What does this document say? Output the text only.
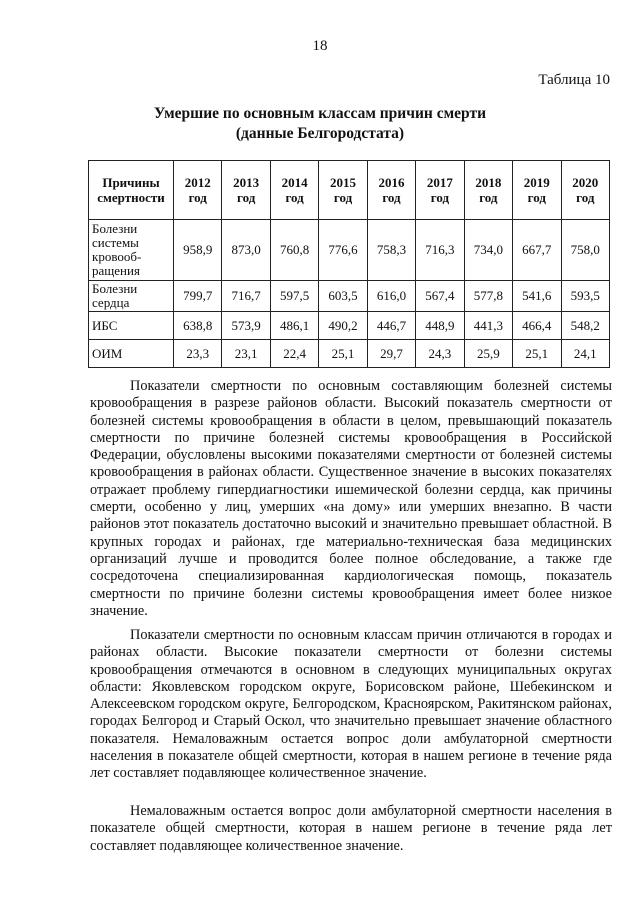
18
Таблица 10
Умершие по основным классам причин смерти
(данные Белгородстата)
Причины смертности	2012 год	2013 год	2014 год	2015 год	2016 год	2017 год	2018 год	2019 год	2020 год
Болезни системы кровооб-ращения	958,9	873,0	760,8	776,6	758,3	716,3	734,0	667,7	758,0
Болезни сердца	799,7	716,7	597,5	603,5	616,0	567,4	577,8	541,6	593,5
ИБС	638,8	573,9	486,1	490,2	446,7	448,9	441,3	466,4	548,2
ОИМ	23,3	23,1	22,4	25,1	29,7	24,3	25,9	25,1	24,1

Показатели смертности по основным составляющим болезней системы кровообращения в разрезе районов области. Высокий показатель смертности от болезней системы кровообращения в области в целом, превышающий показатель смертности по причине болезней системы кровообращения в Российской Федерации, обусловлены высокими показателями смертности от болезней системы кровообращения в районах области. Существенное значение в высоких показателях отражает проблему гипердиагностики ишемической болезни сердца, как причины смерти, особенно у лиц, умерших «на дому» или умерших внезапно. В части районов этот показатель достаточно высокий и значительно превышает областной. В крупных городах и районах, где материально-техническая база медицинских организаций лучше и проводится более полное обследование, а также где сосредоточена специализированная кардиологическая помощь, показатель смертности по причине болезни системы кровообращения имеет более низкое значение.

Показатели смертности по основным классам причин отличаются в городах и районах области. Высокие показатели смертности от болезни системы кровообращения отмечаются в основном в следующих муниципальных округах области: Яковлевском городском округе, Борисовском районе, Шебекинском и Алексеевском городском округе, Белгородском, Красноярском, Ракитянском районах, городах Белгород и Старый Оскол, что значительно превышает значение областного показателя. Немаловажным остается вопрос доли амбулаторной смертности населения в показателе общей смертности, которая в нашем регионе в течение ряда лет составляет подавляющее количественное значение.

Немаловажным остается вопрос доли амбулаторной смертности населения в показателе общей смертности, которая в нашем регионе в течение ряда лет составляет подавляющее количественное значение.
